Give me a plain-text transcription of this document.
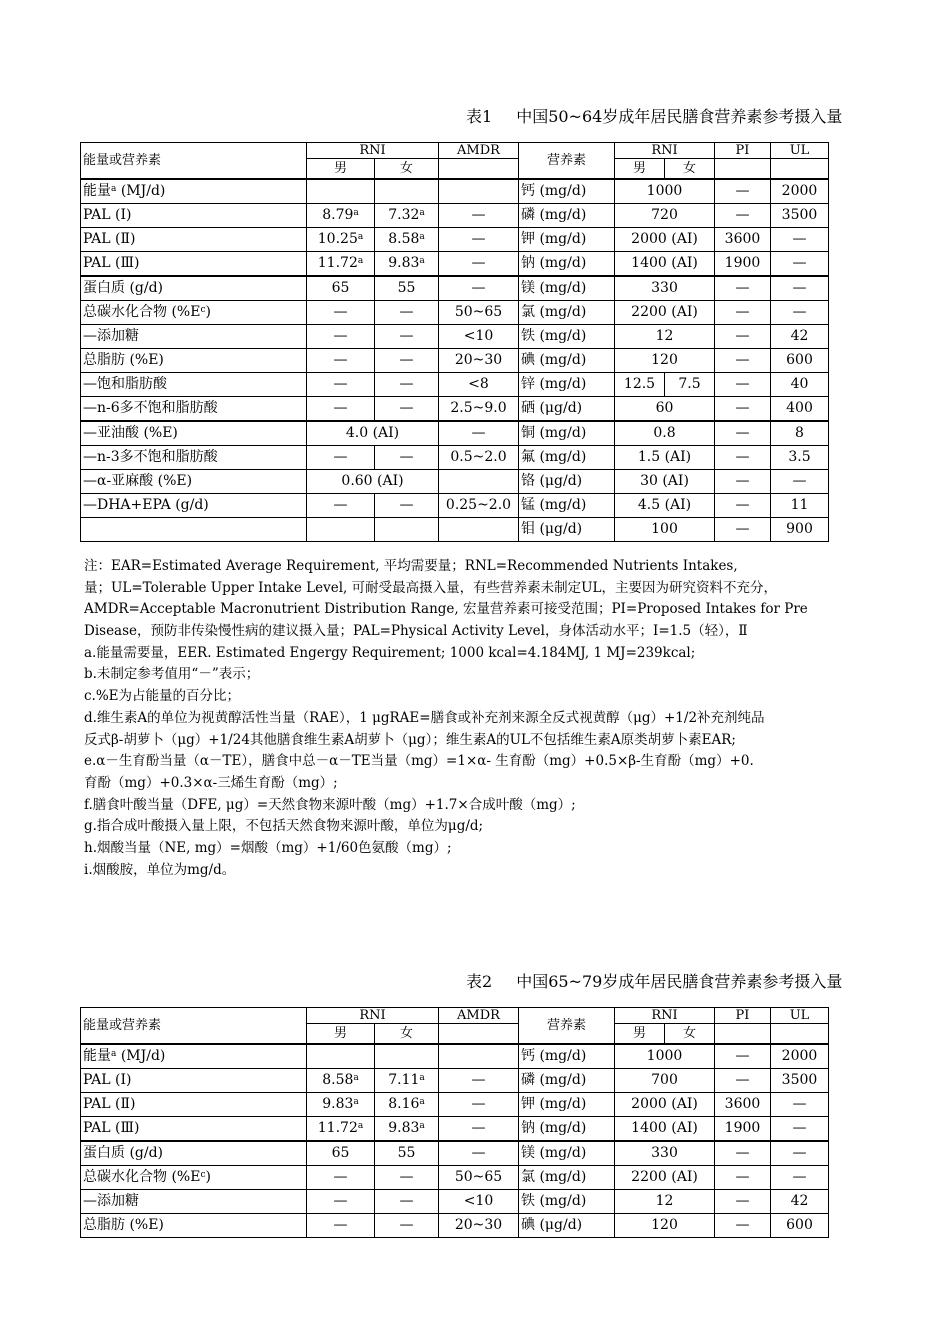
表1 中国50~64岁成年居民膳食营养素参考摄入量
能量或营养素	RNI		AMDR	营养素	RNI		PI	UL
	男	女			男	女		
能量$^a$ (MJ/d)				钙 (mg/d)	1000		—	2000
PAL (Ⅰ)	8.79$^a$	7.32$^a$	—	磷 (mg/d)	720		—	3500
PAL (Ⅱ)	10.25$^a$	8.58$^a$	—	钾 (mg/d)	2000 (AI)		3600	—
PAL (Ⅲ)	11.72$^a$	9.83$^a$	—	钠 (mg/d)	1400 (AI)		1900	—
蛋白质 (g/d)	65	55	—	镁 (mg/d)	330		—	—
总碳水化合物 $(\%E^c)$	—	—	50~65	氯 (mg/d)	2200 (AI)		—	—
—添加糖	—	—	<10	铁 (mg/d)	12		—	42
总脂肪 (%E)	—	—	20~30	碘 (mg/d)	120		—	600
—饱和脂肪酸	—	—	<8	锌 (mg/d)	12.5	7.5	—	40
—n-6多不饱和脂肪酸	—	—	2.5~9.0	硒 (μg/d)	60		—	400
—亚油酸 (%E)	4.0 (AI)		—	铜 (mg/d)	0.8		—	8
—n-3多不饱和脂肪酸	—	—	0.5~2.0	氟 (mg/d)	1.5 (AI)		—	3.5
—α-亚麻酸 (%E)	0.60 (AI)			铬 (μg/d)	30 (AI)		—	—
—DHA+EPA (g/d)	—	—	0.25~2.0	锰 (mg/d)	4.5 (AI)		—	11
				钼 (μg/d)	100		—	900
注：EAR=Estimated Average Requirement, 平均需要量；RNL=Recommended Nutrients Intakes,
量；UL=Tolerable Upper Intake Level, 可耐受最高摄入量，有些营养素未制定UL，主要因为研究资料不充分，
AMDR=Acceptable Macronutrient Distribution Range, 宏量营养素可接受范围；PI=Proposed Intakes for Pre
Disease，预防非传染慢性病的建议摄入量；PAL=Physical Activity Level，身体活动水平；Ⅰ=1.5（轻），Ⅱ
a.能量需要量，EER. Estimated Engergy Requirement; 1000 kcal=4.184MJ, 1 MJ=239kcal;
b.未制定参考值用“－”表示；
c.%E为占能量的百分比；
d.维生素A的单位为视黄醇活性当量（RAE），1 μgRAE=膳食或补充剂来源全反式视黄醇（μg）+1/2补充剂纯品
反式β-胡萝卜（μg）+1/24其他膳食维生素A胡萝卜（μg）；维生素A的UL不包括维生素A原类胡萝卜素EAR;
e.α－生育酚当量（α－TE），膳食中总－α－TE当量（mg）=1×α- 生育酚（mg）+0.5×β-生育酚（mg）+0.
育酚（mg）+0.3×α-三烯生育酚（mg）;
f.膳食叶酸当量（DFE, μg）=天然食物来源叶酸（mg）+1.7×合成叶酸（mg）;
g.指合成叶酸摄入量上限，不包括天然食物来源叶酸，单位为μg/d;
h.烟酸当量（NE, mg）=烟酸（mg）+1/60色氨酸（mg）;
i.烟酸胺，单位为mg/d。
表2 中国65~79岁成年居民膳食营养素参考摄入量
能量或营养素	RNI		AMDR	营养素	RNI		PI	UL
	男	女			男	女		
能量$^a$ (MJ/d)				钙 (mg/d)	1000		—	2000
PAL (Ⅰ)	8.58$^a$	7.11$^a$	—	磷 (mg/d)	700		—	3500
PAL (Ⅱ)	9.83$^a$	8.16$^a$	—	钾 (mg/d)	2000 (AI)		3600	—
PAL (Ⅲ)	11.72$^a$	9.83$^a$	—	钠 (mg/d)	1400 (AI)		1900	—
蛋白质 (g/d)	65	55	—	镁 (mg/d)	330		—	—
总碳水化合物 $(\%E^c)$	—	—	50~65	氯 (mg/d)	2200 (AI)		—	—
—添加糖	—	—	<10	铁 (mg/d)	12		—	42
总脂肪 (%E)	—	—	20~30	碘 (μg/d)	120		—	600
